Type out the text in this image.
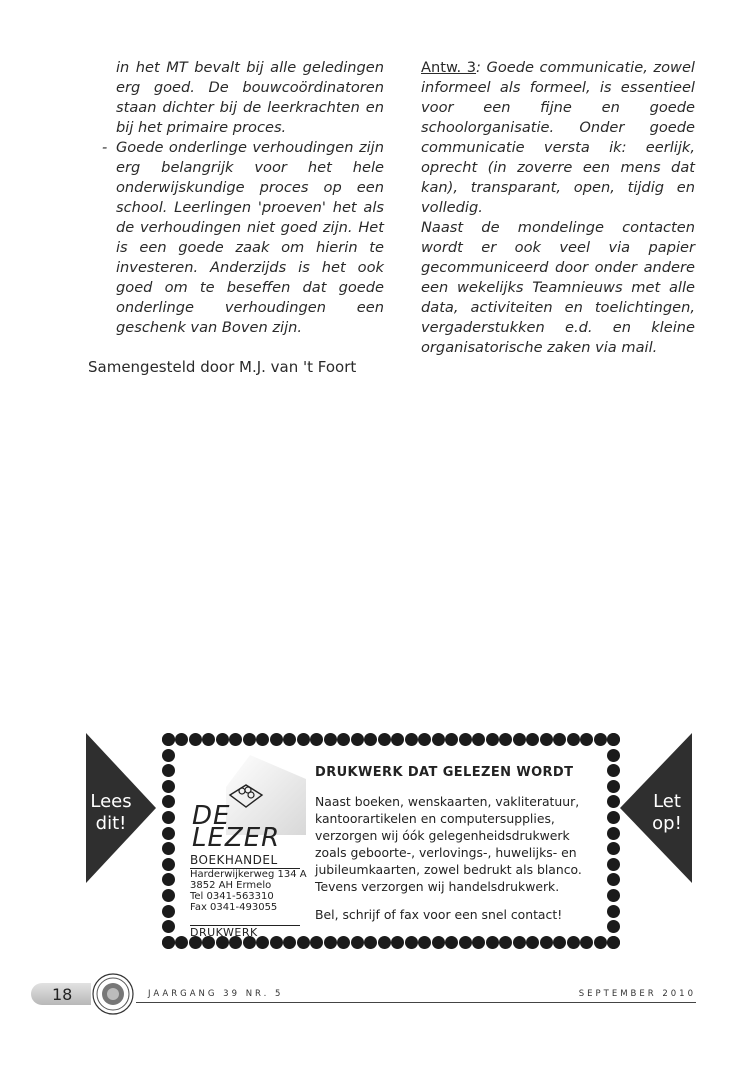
in het MT bevalt bij alle geledingen erg goed. De bouwcoördinatoren staan dichter bij de leerkrachten en bij het primaire proces.

- Goede onderlinge verhoudingen zijn erg belangrijk voor het hele onderwijskundige proces op een school. Leerlingen 'proeven' het als de verhoudingen niet goed zijn. Het is een goede zaak om hierin te investeren. Anderzijds is het ook goed om te beseffen dat goede onderlinge verhoudingen een geschenk van Boven zijn.

Antw. 3: Goede communicatie, zowel informeel als formeel, is essentieel voor een fijne en goede schoolorganisatie. Onder goede communicatie versta ik: eerlijk, oprecht (in zoverre een mens dat kan), transparant, open, tijdig en volledig.

Naast de mondelinge contacten wordt er ook veel via papier gecommuniceerd door onder andere een wekelijks Teamnieuws met alle data, activiteiten en toelichtingen, vergaderstukken e.d. en kleine organisatorische zaken via mail.

Samengesteld door M.J. van 't Foort
Lees
dit!
Let
op!
DE
LEZER
BOEKHANDEL
Harderwijkerweg 134 A
3852 AH Ermelo
Tel 0341-563310
Fax 0341-493055
DRUKWERK
DRUKWERK DAT GELEZEN WORDT
Naast boeken, wenskaarten, vakliteratuur, kantoorartikelen en computersupplies, verzorgen wij óók gelegenheidsdrukwerk zoals geboorte-, verlovings-, huwelijks- en jubileumkaarten, zowel bedrukt als blanco. Tevens verzorgen wij handelsdrukwerk.
Bel, schrijf of fax voor een snel contact!
18	JAARGANG 39 NR. 5	SEPTEMBER 2010
